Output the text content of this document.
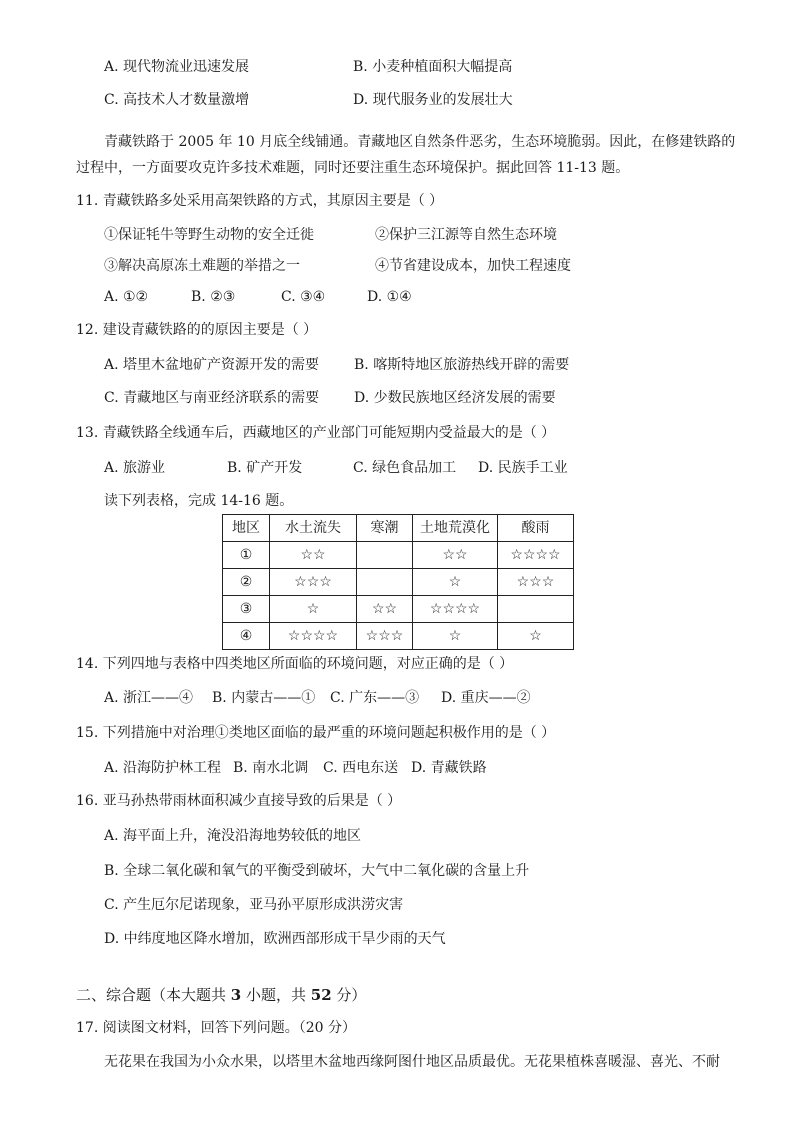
A. 现代物流业迅速发展	B. 小麦种植面积大幅提高
C. 高技术人才数量激增	D. 现代服务业的发展壮大
青藏铁路于 2005 年 10 月底全线铺通。青藏地区自然条件恶劣，生态环境脆弱。因此，在修建铁路的
过程中，一方面要攻克许多技术难题，同时还要注重生态环境保护。据此回答 11-13 题。
11. 青藏铁路多处采用高架铁路的方式，其原因主要是（ ）
①保证牦牛等野生动物的安全迁徙	②保护三江源等自然生态环境
③解决高原冻土难题的举措之一	④节省建设成本，加快工程速度
A. ①②	B. ②③	C. ③④	D. ①④
12. 建设青藏铁路的的原因主要是（ ）
A. 塔里木盆地矿产资源开发的需要 B. 喀斯特地区旅游热线开辟的需要
C. 青藏地区与南亚经济联系的需要 D. 少数民族地区经济发展的需要
13. 青藏铁路全线通车后，西藏地区的产业部门可能短期内受益最大的是（ ）
A. 旅游业	B. 矿产开发	C. 绿色食品加工 D. 民族手工业
读下列表格，完成 14-16 题。
地区	水土流失	寒潮	土地荒漠化	酸雨
①	☆☆		☆☆	☆☆☆☆
②	☆☆☆		☆	☆☆☆
③	☆	☆☆	☆☆☆☆	
④	☆☆☆☆	☆☆☆	☆	☆
14. 下列四地与表格中四类地区所面临的环境问题，对应正确的是（ ）
A. 浙江——④ B. 内蒙古——① C. 广东——③ D. 重庆——②
15. 下列措施中对治理①类地区面临的最严重的环境问题起积极作用的是（ ）
A. 沿海防护林工程 B. 南水北调 C. 西电东送 D. 青藏铁路
16. 亚马孙热带雨林面积减少直接导致的后果是（ ）
A. 海平面上升，淹没沿海地势较低的地区
B. 全球二氧化碳和氧气的平衡受到破坏，大气中二氧化碳的含量上升
C. 产生厄尔尼诺现象，亚马孙平原形成洪涝灾害
D. 中纬度地区降水增加，欧洲西部形成干旱少雨的天气
二、综合题（本大题共 3 小题，共 52 分）
17. 阅读图文材料，回答下列问题。（20 分）
无花果在我国为小众水果，以塔里木盆地西缘阿图什地区品质最优。无花果植株喜暖湿、喜光、不耐
